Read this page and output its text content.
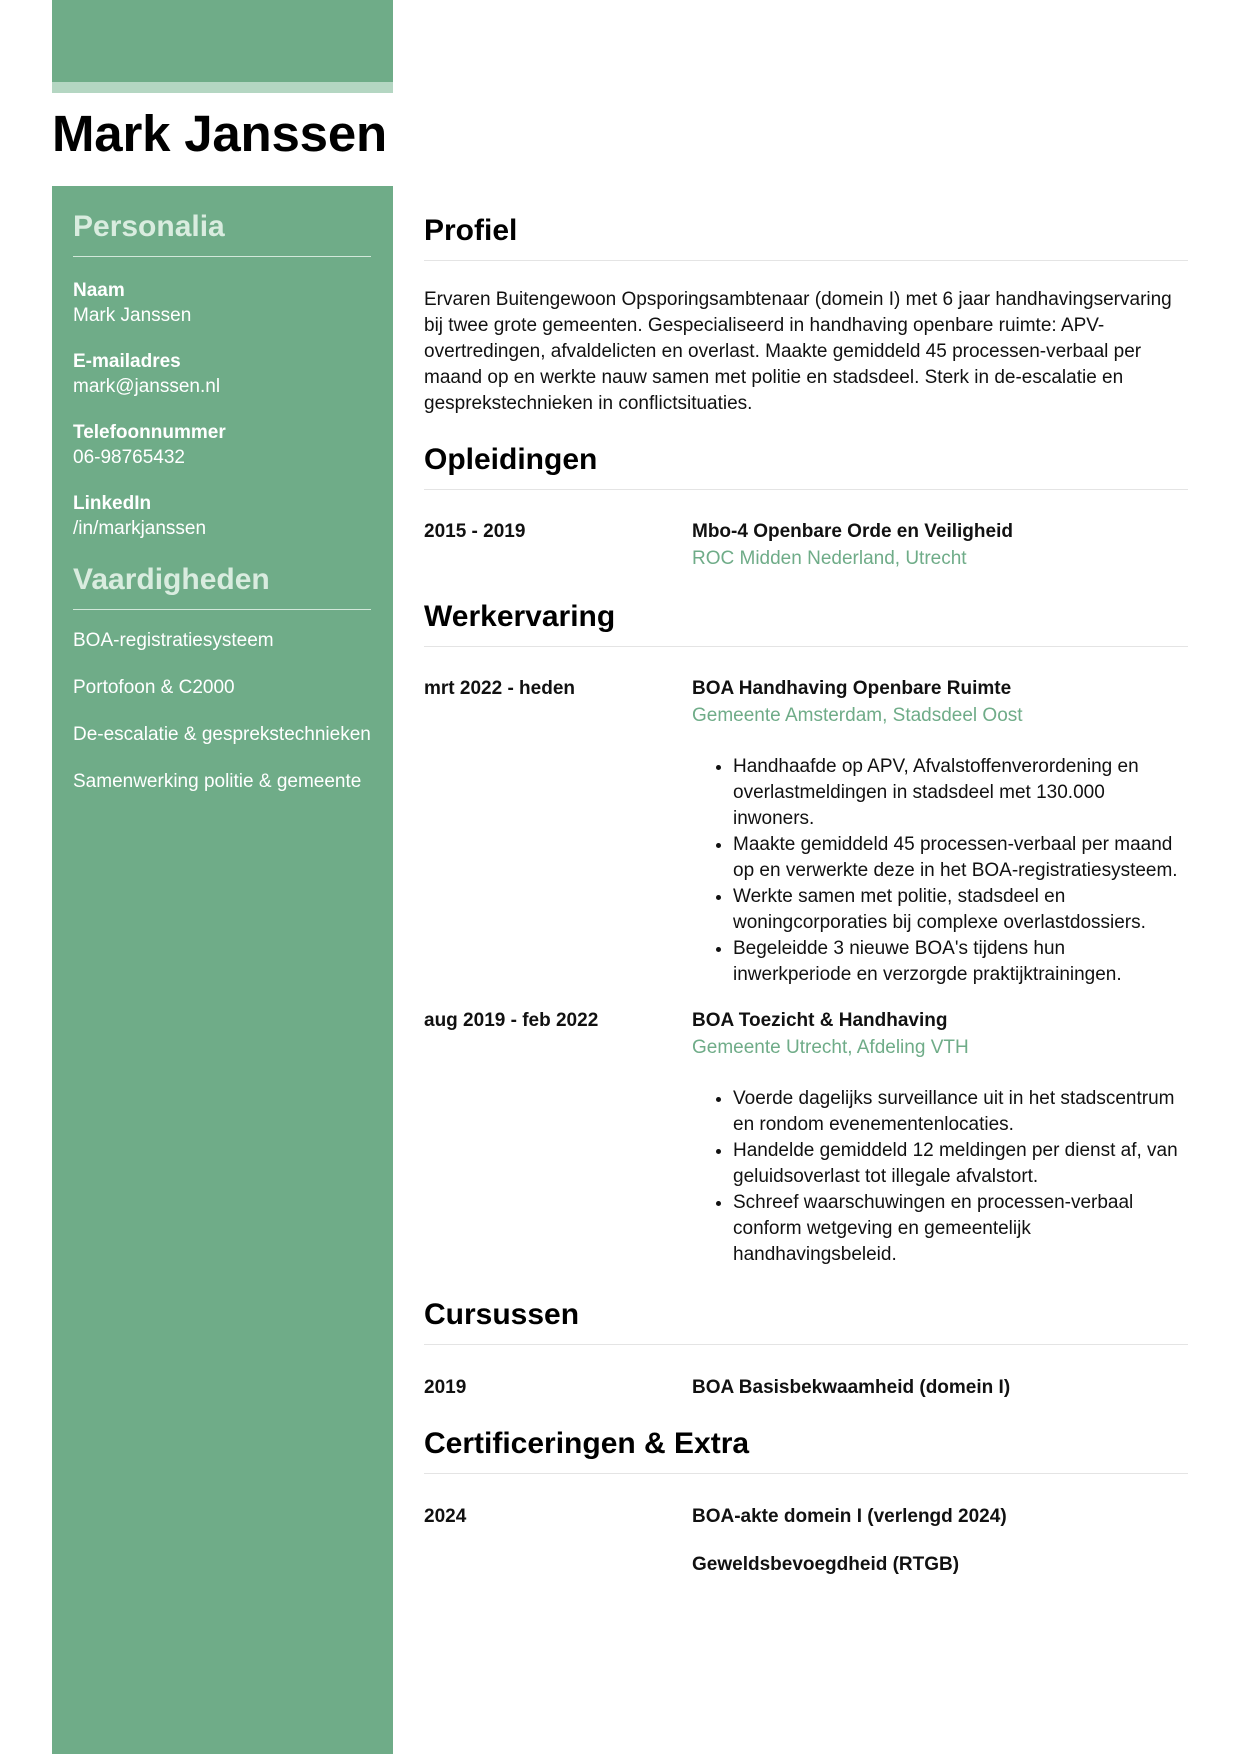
Mark Janssen
Personalia
Naam
Mark Janssen
E-mailadres
mark@janssen.nl
Telefoonnummer
06-98765432
LinkedIn
/in/markjanssen
Vaardigheden
BOA-registratiesysteem
Portofoon & C2000
De-escalatie & gesprekstechnieken
Samenwerking politie & gemeente
Profiel

Ervaren Buitengewoon Opsporingsambtenaar (domein I) met 6 jaar handhavingservaring bij twee grote gemeenten. Gespecialiseerd in handhaving openbare ruimte: APV-overtredingen, afvaldelicten en overlast. Maakte gemiddeld 45 processen-verbaal per maand op en werkte nauw samen met politie en stadsdeel. Sterk in de-escalatie en gesprekstechnieken in conflictsituaties.

Opleidingen
2015 - 2019	Mbo-4 Openbare Orde en Veiligheid
ROC Midden Nederland, Utrecht
Werkervaring
mrt 2022 - heden	BOA Handhaving Openbare Ruimte
Gemeente Amsterdam, Stadsdeel Oost
• Handhaafde op APV, Afvalstoffenverordening en overlastmeldingen in stadsdeel met 130.000 inwoners.
• Maakte gemiddeld 45 processen-verbaal per maand op en verwerkte deze in het BOA-registratiesysteem.
• Werkte samen met politie, stadsdeel en woningcorporaties bij complexe overlastdossiers.
• Begeleidde 3 nieuwe BOA's tijdens hun inwerkperiode en verzorgde praktijktrainingen.
aug 2019 - feb 2022	BOA Toezicht & Handhaving
Gemeente Utrecht, Afdeling VTH
• Voerde dagelijks surveillance uit in het stadscentrum en rondom evenementenlocaties.
• Handelde gemiddeld 12 meldingen per dienst af, van geluidsoverlast tot illegale afvalstort.
• Schreef waarschuwingen en processen-verbaal conform wetgeving en gemeentelijk handhavingsbeleid.
Cursussen
2019	BOA Basisbekwaamheid (domein I)
Certificeringen & Extra
2024	BOA-akte domein I (verlengd 2024)
Geweldsbevoegdheid (RTGB)
